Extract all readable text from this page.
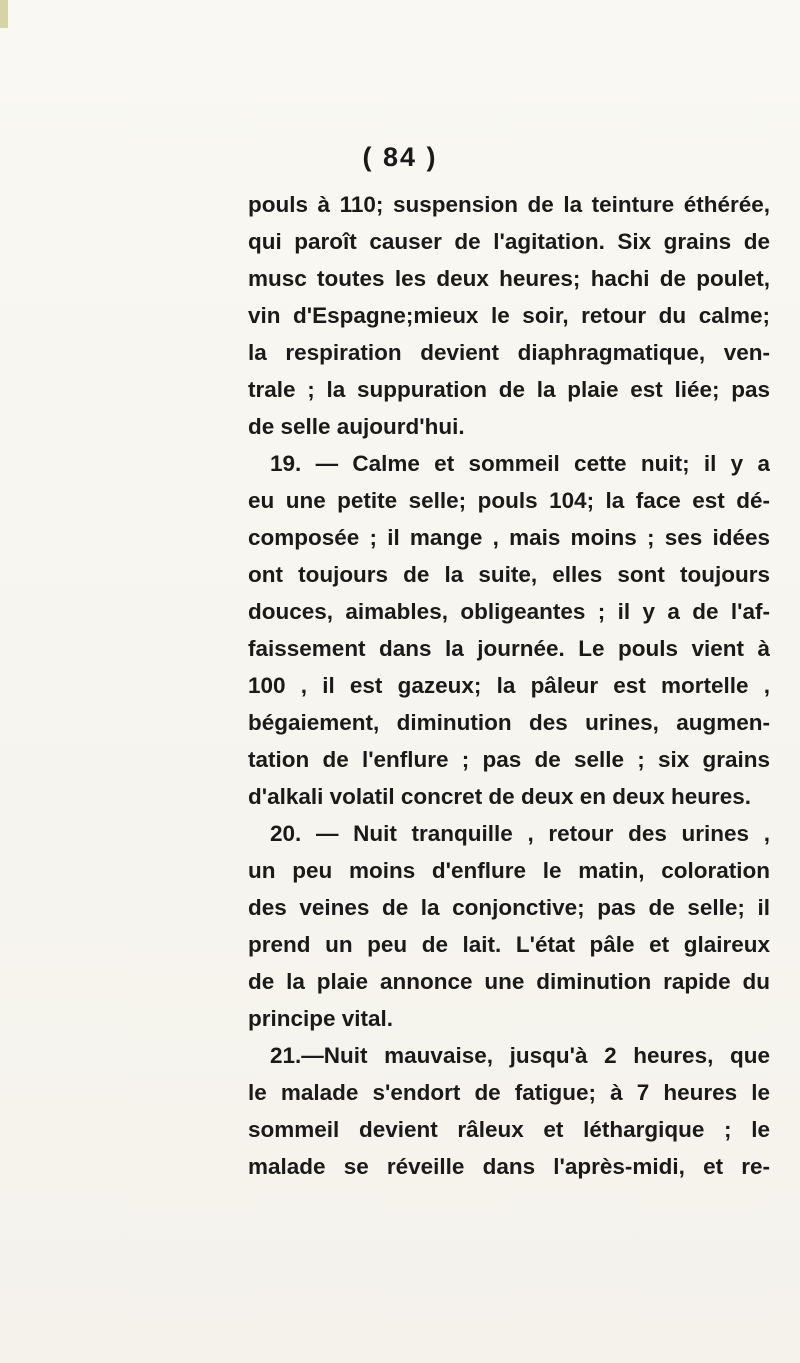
( 84 )
pouls à 110; suspension de la teinture éthérée,
qui paroît causer de l'agitation. Six grains de
musc toutes les deux heures; hachi de poulet,
vin d'Espagne;mieux le soir, retour du calme;
la respiration devient diaphragmatique, ven-
trale ; la suppuration de la plaie est liée; pas
de selle aujourd'hui.
19. — Calme et sommeil cette nuit; il y a
eu une petite selle; pouls 104; la face est dé-
composée ; il mange , mais moins ; ses idées
ont toujours de la suite, elles sont toujours
douces, aimables, obligeantes ; il y a de l'af-
faissement dans la journée. Le pouls vient à
100 , il est gazeux; la pâleur est mortelle ,
bégaiement, diminution des urines, augmen-
tation de l'enflure ; pas de selle ; six grains
d'alkali volatil concret de deux en deux heures.
20. — Nuit tranquille , retour des urines ,
un peu moins d'enflure le matin, coloration
des veines de la conjonctive; pas de selle; il
prend un peu de lait. L'état pâle et glaireux
de la plaie annonce une diminution rapide du
principe vital.
21.—Nuit mauvaise, jusqu'à 2 heures, que
le malade s'endort de fatigue; à 7 heures le
sommeil devient râleux et léthargique ; le
malade se réveille dans l'après-midi, et re-
